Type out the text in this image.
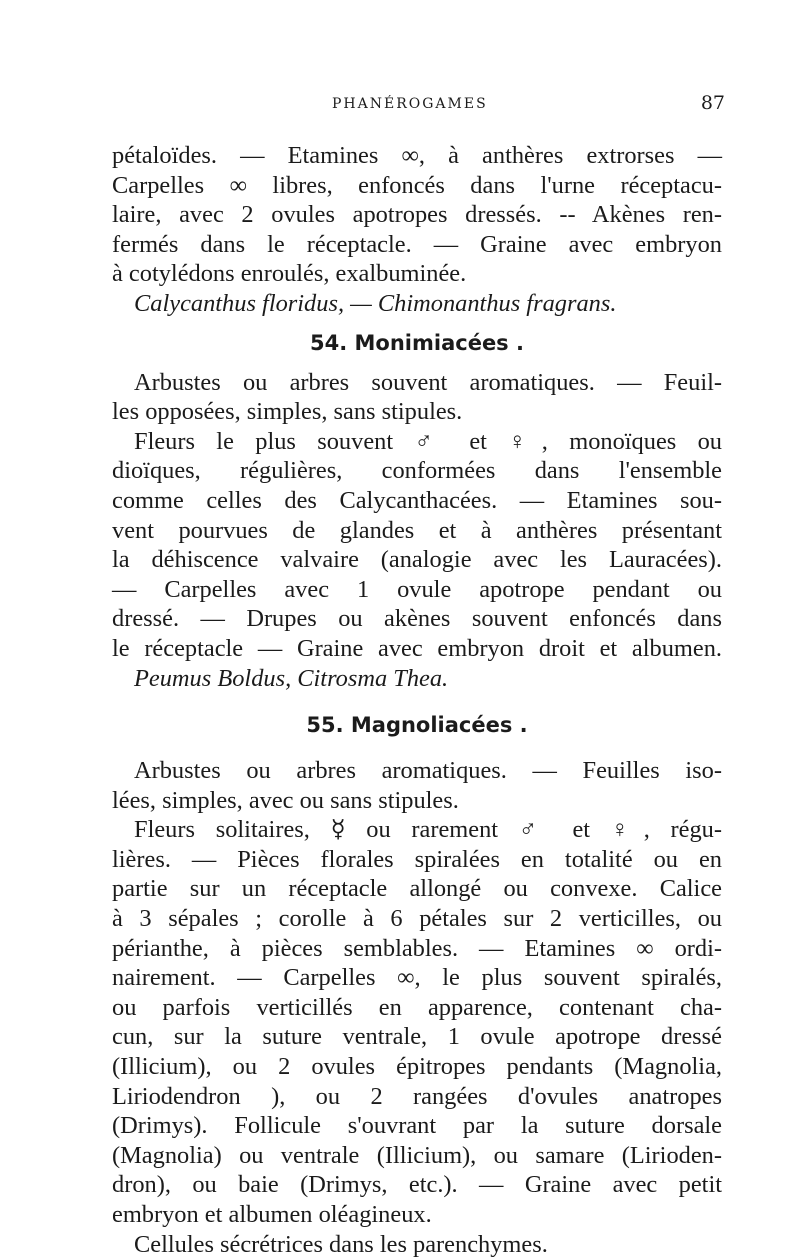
PHANÉROGAMES	87
pétaloïdes. — Etamines ∞, à anthères extrorses —
Carpelles ∞ libres, enfoncés dans l'urne réceptacu-
laire, avec 2 ovules apotropes dressés. -- Akènes ren-
fermés dans le réceptacle. — Graine avec embryon
à cotylédons enroulés, exalbuminée.
Calycanthus floridus, — Chimonanthus fragrans.
54. Monimiacées .
Arbustes ou arbres souvent aromatiques. — Feuil-
les opposées, simples, sans stipules.
Fleurs le plus souvent ♂ et ♀, monoïques ou
dioïques, régulières, conformées dans l'ensemble
comme celles des Calycanthacées. — Etamines sou-
vent pourvues de glandes et à anthères présentant
la déhiscence valvaire (analogie avec les Lauracées).
— Carpelles avec 1 ovule apotrope pendant ou
dressé. — Drupes ou akènes souvent enfoncés dans
le réceptacle — Graine avec embryon droit et albumen.
Peumus Boldus, Citrosma Thea.
55. Magnoliacées .
Arbustes ou arbres aromatiques. — Feuilles iso-
lées, simples, avec ou sans stipules.
Fleurs solitaires, ☿ ou rarement ♂ et ♀, régu-
lières. — Pièces florales spiralées en totalité ou en
partie sur un réceptacle allongé ou convexe. Calice
à 3 sépales ; corolle à 6 pétales sur 2 verticilles, ou
périanthe, à pièces semblables. — Etamines ∞ ordi-
nairement. — Carpelles ∞, le plus souvent spiralés,
ou parfois verticillés en apparence, contenant cha-
cun, sur la suture ventrale, 1 ovule apotrope dressé
(Illicium), ou 2 ovules épitropes pendants (Magnolia,
Liriodendron ), ou 2 rangées d'ovules anatropes
(Drimys). Follicule s'ouvrant par la suture dorsale
(Magnolia) ou ventrale (Illicium), ou samare (Lirioden-
dron), ou baie (Drimys, etc.). — Graine avec petit
embryon et albumen oléagineux.
Cellules sécrétrices dans les parenchymes.
